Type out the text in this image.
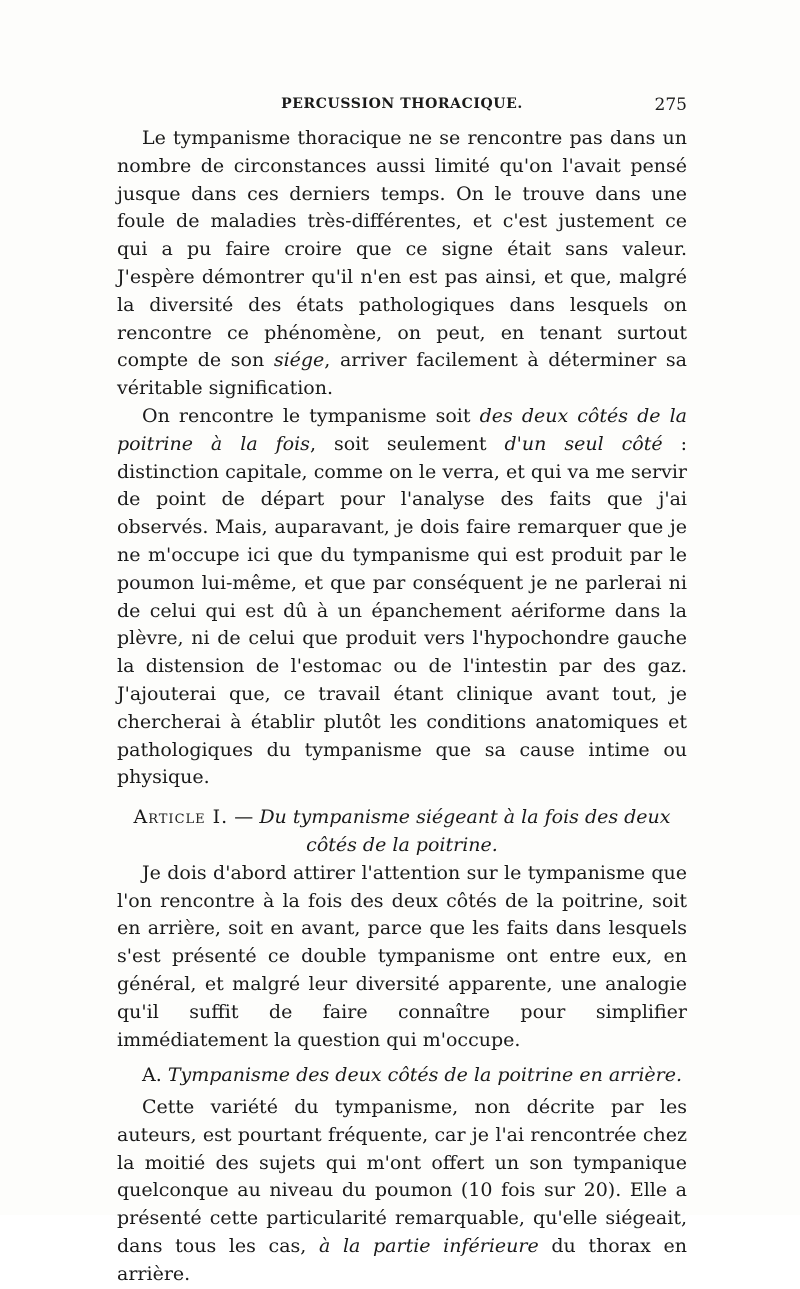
PERCUSSION THORACIQUE.	275

Le tympanisme thoracique ne se rencontre pas dans un nombre de circonstances aussi limité qu'on l'avait pensé jusque dans ces derniers temps. On le trouve dans une foule de maladies très-différentes, et c'est justement ce qui a pu faire croire que ce signe était sans valeur. J'espère démontrer qu'il n'en est pas ainsi, et que, malgré la diversité des états pathologiques dans lesquels on rencontre ce phénomène, on peut, en tenant surtout compte de son siége, arriver facilement à déterminer sa véritable signification.

On rencontre le tympanisme soit des deux côtés de la poitrine à la fois, soit seulement d'un seul côté : distinction capitale, comme on le verra, et qui va me servir de point de départ pour l'analyse des faits que j'ai observés. Mais, auparavant, je dois faire remarquer que je ne m'occupe ici que du tympanisme qui est produit par le poumon lui-même, et que par conséquent je ne parlerai ni de celui qui est dû à un épanchement aériforme dans la plèvre, ni de celui que produit vers l'hypochondre gauche la distension de l'estomac ou de l'intestin par des gaz. J'ajouterai que, ce travail étant clinique avant tout, je chercherai à établir plutôt les conditions anatomiques et pathologiques du tympanisme que sa cause intime ou physique.

Article I. — Du tympanisme siégeant à la fois des deux côtés de la poitrine.

Je dois d'abord attirer l'attention sur le tympanisme que l'on rencontre à la fois des deux côtés de la poitrine, soit en arrière, soit en avant, parce que les faits dans lesquels s'est présenté ce double tympanisme ont entre eux, en général, et malgré leur diversité apparente, une analogie qu'il suffit de faire connaître pour simplifier immédiatement la question qui m'occupe.

A. Tympanisme des deux côtés de la poitrine en arrière.

Cette variété du tympanisme, non décrite par les auteurs, est pourtant fréquente, car je l'ai rencontrée chez la moitié des sujets qui m'ont offert un son tympanique quelconque au niveau du poumon (10 fois sur 20). Elle a présenté cette particularité remarquable, qu'elle siégeait, dans tous les cas, à la partie inférieure du thorax en arrière.
